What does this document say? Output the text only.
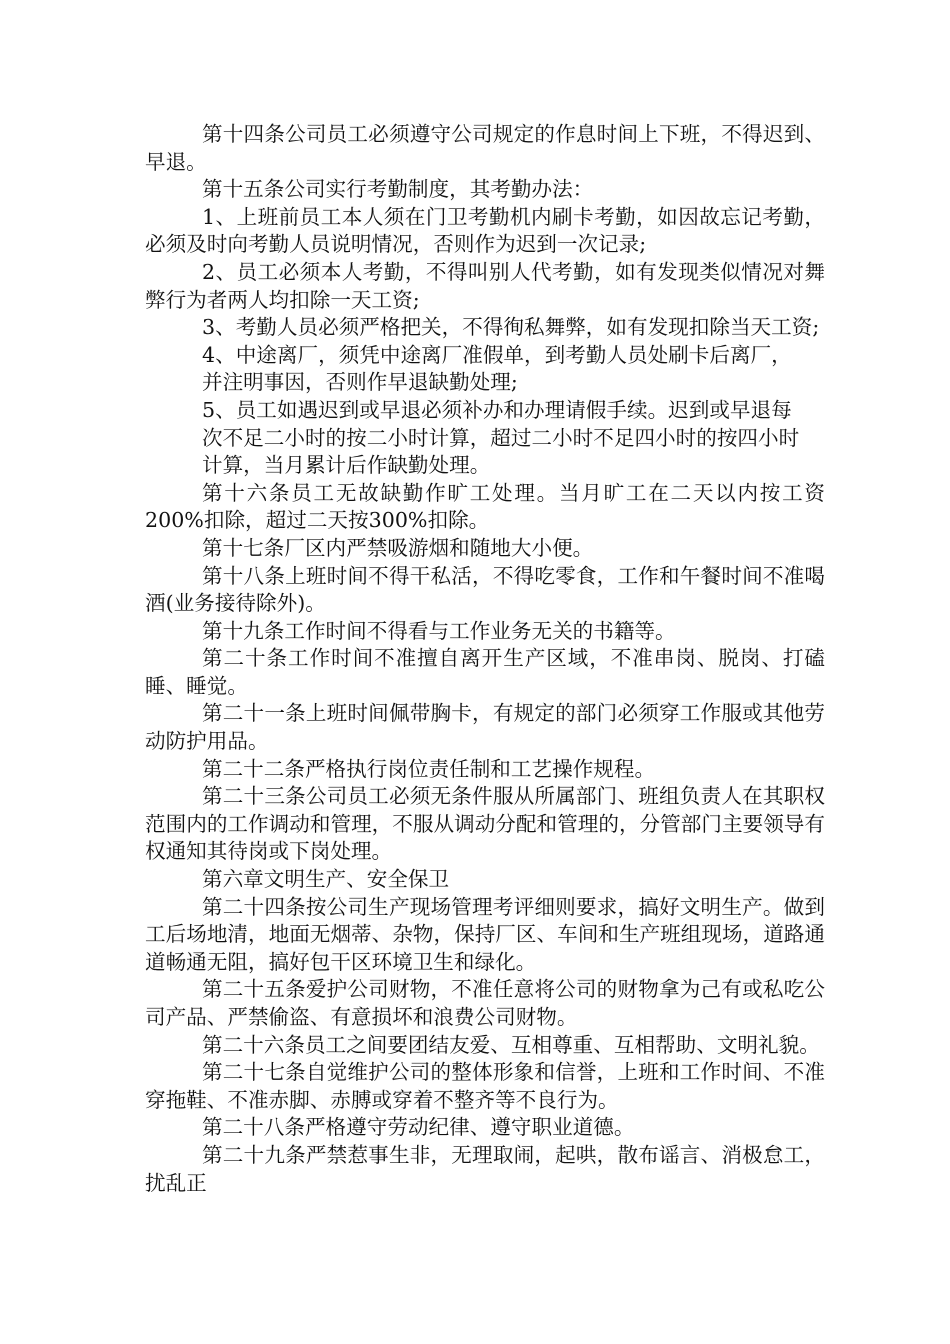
第十四条公司员工必须遵守公司规定的作息时间上下班，不得迟到、早退。

第十五条公司实行考勤制度，其考勤办法：

1、上班前员工本人须在门卫考勤机内刷卡考勤，如因故忘记考勤，必须及时向考勤人员说明情况，否则作为迟到一次记录;

2、员工必须本人考勤，不得叫别人代考勤，如有发现类似情况对舞弊行为者两人均扣除一天工资;

3、考勤人员必须严格把关，不得徇私舞弊，如有发现扣除当天工资;

4、中途离厂，须凭中途离厂准假单，到考勤人员处刷卡后离厂，

并注明事因，否则作早退缺勤处理;

5、员工如遇迟到或早退必须补办和办理请假手续。迟到或早退每

次不足二小时的按二小时计算，超过二小时不足四小时的按四小时

计算，当月累计后作缺勤处理。

第十六条员工无故缺勤作旷工处理。当月旷工在二天以内按工资200%扣除，超过二天按300%扣除。

第十七条厂区内严禁吸游烟和随地大小便。

第十八条上班时间不得干私活，不得吃零食，工作和午餐时间不准喝酒(业务接待除外)。

第十九条工作时间不得看与工作业务无关的书籍等。

第二十条工作时间不准擅自离开生产区域，不准串岗、脱岗、打磕睡、睡觉。

第二十一条上班时间佩带胸卡，有规定的部门必须穿工作服或其他劳动防护用品。

第二十二条严格执行岗位责任制和工艺操作规程。

第二十三条公司员工必须无条件服从所属部门、班组负责人在其职权范围内的工作调动和管理，不服从调动分配和管理的，分管部门主要领导有权通知其待岗或下岗处理。

第六章文明生产、安全保卫

第二十四条按公司生产现场管理考评细则要求，搞好文明生产。做到工后场地清，地面无烟蒂、杂物，保持厂区、车间和生产班组现场，道路通道畅通无阻，搞好包干区环境卫生和绿化。

第二十五条爱护公司财物，不准任意将公司的财物拿为己有或私吃公司产品、严禁偷盗、有意损坏和浪费公司财物。

第二十六条员工之间要团结友爱、互相尊重、互相帮助、文明礼貌。

第二十七条自觉维护公司的整体形象和信誉，上班和工作时间、不准穿拖鞋、不准赤脚、赤膊或穿着不整齐等不良行为。

第二十八条严格遵守劳动纪律、遵守职业道德。

第二十九条严禁惹事生非，无理取闹，起哄，散布谣言、消极怠工，扰乱正
